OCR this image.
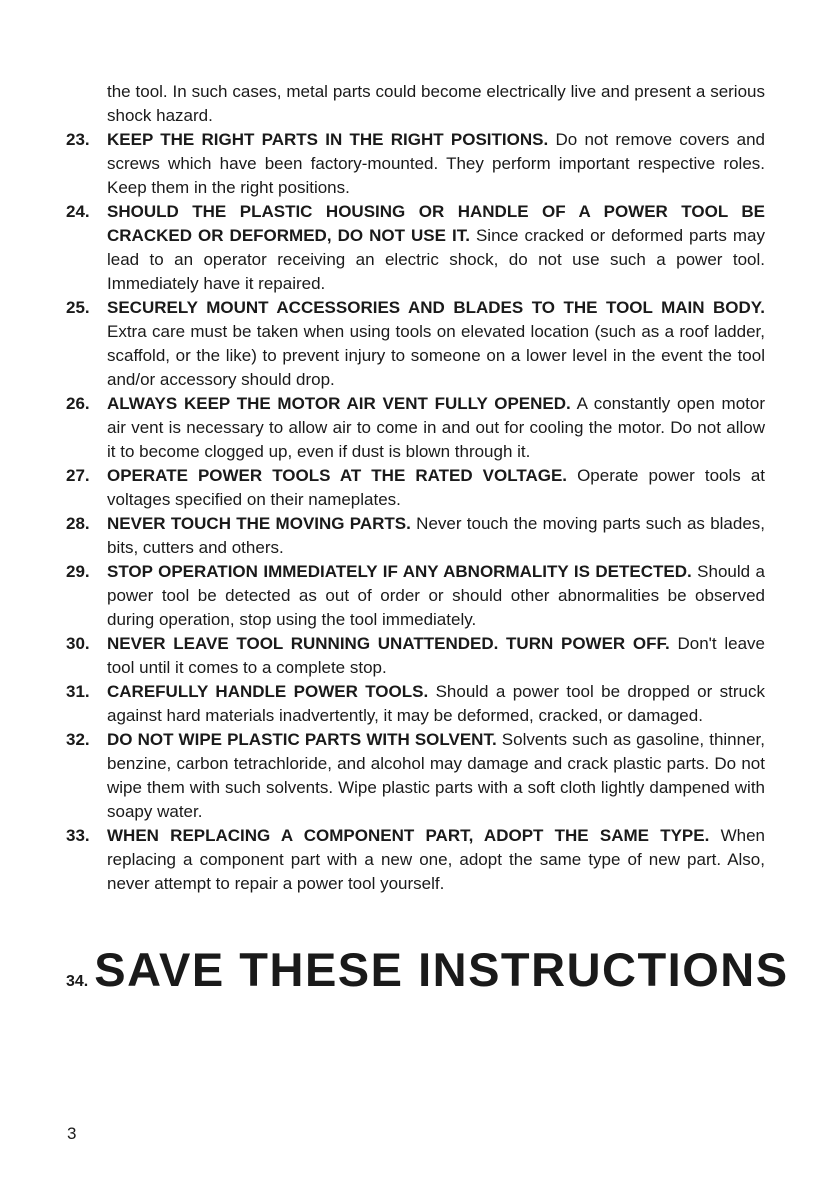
the tool. In such cases, metal parts could become electrically live and present a serious shock hazard.

23. KEEP THE RIGHT PARTS IN THE RIGHT POSITIONS. Do not remove covers and screws which have been factory-mounted. They perform important respective roles. Keep them in the right positions.
24. SHOULD THE PLASTIC HOUSING OR HANDLE OF A POWER TOOL BE CRACKED OR DEFORMED, DO NOT USE IT. Since cracked or deformed parts may lead to an operator receiving an electric shock, do not use such a power tool. Immediately have it repaired.
25. SECURELY MOUNT ACCESSORIES AND BLADES TO THE TOOL MAIN BODY. Extra care must be taken when using tools on elevated location (such as a roof ladder, scaffold, or the like) to prevent injury to someone on a lower level in the event the tool and/or accessory should drop.
26. ALWAYS KEEP THE MOTOR AIR VENT FULLY OPENED. A constantly open motor air vent is necessary to allow air to come in and out for cooling the motor. Do not allow it to become clogged up, even if dust is blown through it.
27. OPERATE POWER TOOLS AT THE RATED VOLTAGE. Operate power tools at voltages specified on their nameplates.
28. NEVER TOUCH THE MOVING PARTS. Never touch the moving parts such as blades, bits, cutters and others.
29. STOP OPERATION IMMEDIATELY IF ANY ABNORMALITY IS DETECTED. Should a power tool be detected as out of order or should other abnormalities be observed during operation, stop using the tool immediately.
30. NEVER LEAVE TOOL RUNNING UNATTENDED. TURN POWER OFF. Don't leave tool until it comes to a complete stop.
31. CAREFULLY HANDLE POWER TOOLS. Should a power tool be dropped or struck against hard materials inadvertently, it may be deformed, cracked, or damaged.
32. DO NOT WIPE PLASTIC PARTS WITH SOLVENT. Solvents such as gasoline, thinner, benzine, carbon tetrachloride, and alcohol may damage and crack plastic parts. Do not wipe them with such solvents. Wipe plastic parts with a soft cloth lightly dampened with soapy water.
33. WHEN REPLACING A COMPONENT PART, ADOPT THE SAME TYPE. When replacing a component part with a new one, adopt the same type of new part. Also, never attempt to repair a power tool yourself.
34. SAVE THESE INSTRUCTIONS
3
